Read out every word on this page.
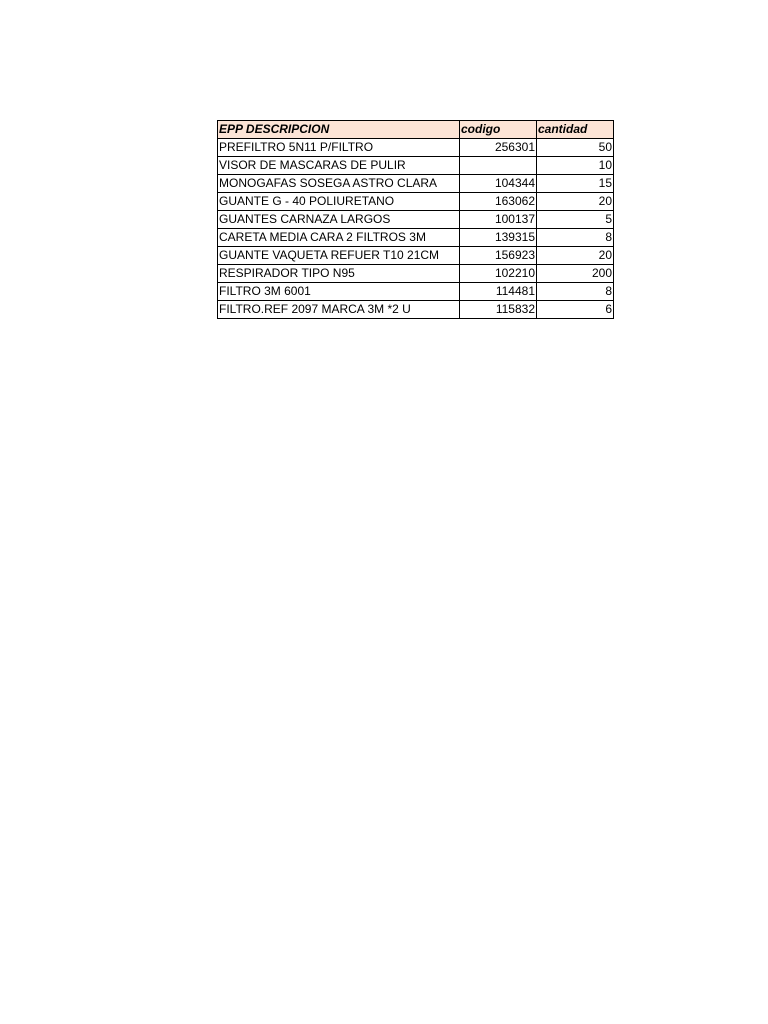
EPP DESCRIPCION	codigo	cantidad
PREFILTRO 5N11 P/FILTRO	256301	50
VISOR DE MASCARAS DE PULIR		10
MONOGAFAS SOSEGA ASTRO CLARA	104344	15
GUANTE G - 40 POLIURETANO	163062	20
GUANTES CARNAZA LARGOS	100137	5
CARETA MEDIA CARA 2 FILTROS 3M	139315	8
GUANTE VAQUETA REFUER T10 21CM	156923	20
RESPIRADOR TIPO N95	102210	200
FILTRO 3M 6001	114481	8
FILTRO.REF 2097 MARCA 3M *2 U	115832	6
